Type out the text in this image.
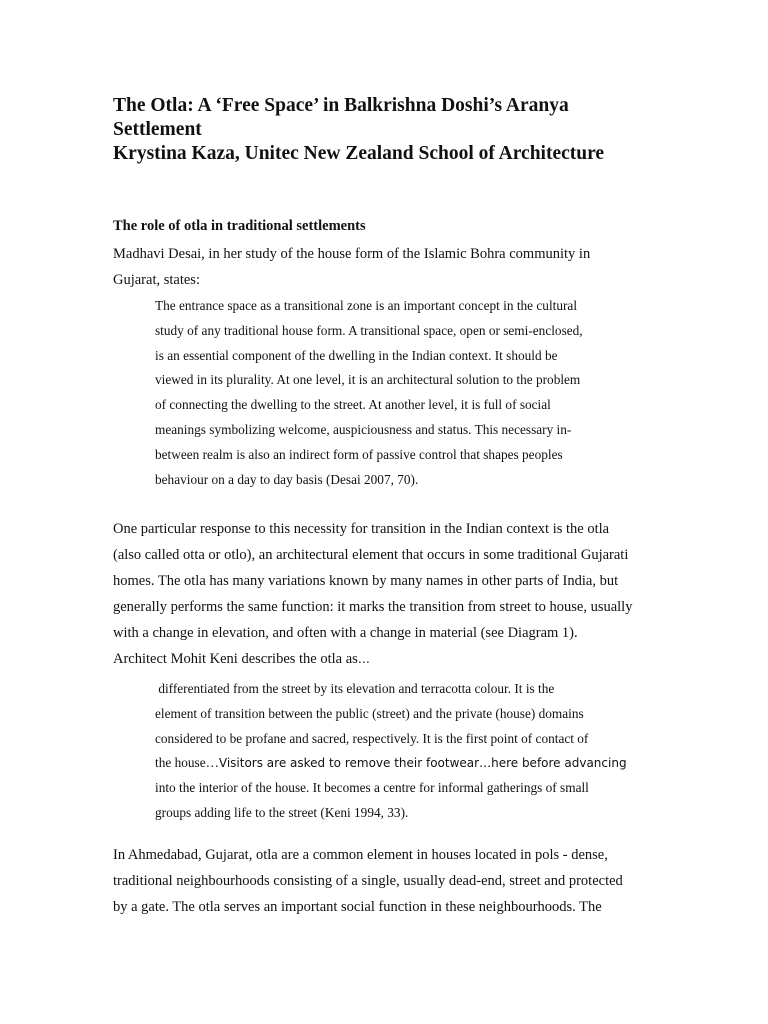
The Otla: A ‘Free Space’ in Balkrishna Doshi’s Aranya
Settlement
Krystina Kaza, Unitec New Zealand School of Architecture
The role of otla in traditional settlements
Madhavi Desai, in her study of the house form of the Islamic Bohra community in
Gujarat, states:
The entrance space as a transitional zone is an important concept in the cultural
study of any traditional house form. A transitional space, open or semi-enclosed,
is an essential component of the dwelling in the Indian context. It should be
viewed in its plurality. At one level, it is an architectural solution to the problem
of connecting the dwelling to the street. At another level, it is full of social
meanings symbolizing welcome, auspiciousness and status. This necessary in-
between realm is also an indirect form of passive control that shapes peoples
behaviour on a day to day basis (Desai 2007, 70).
One particular response to this necessity for transition in the Indian context is the otla
(also called otta or otlo), an architectural element that occurs in some traditional Gujarati
homes. The otla has many variations known by many names in other parts of India, but
generally performs the same function: it marks the transition from street to house, usually
with a change in elevation, and often with a change in material (see Diagram 1).
Architect Mohit Keni describes the otla as…
differentiated from the street by its elevation and terracotta colour. It is the
element of transition between the public (street) and the private (house) domains
considered to be profane and sacred, respectively. It is the first point of contact of
the house…Visitors are asked to remove their footwear…here before advancing
into the interior of the house. It becomes a centre for informal gatherings of small
groups adding life to the street (Keni 1994, 33).
In Ahmedabad, Gujarat, otla are a common element in houses located in pols - dense,
traditional neighbourhoods consisting of a single, usually dead-end, street and protected
by a gate. The otla serves an important social function in these neighbourhoods. The
